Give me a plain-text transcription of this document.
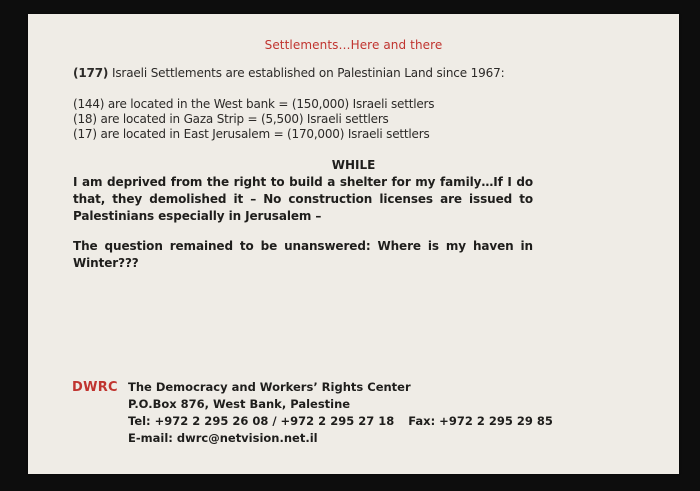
Settlements…Here and there
(177) Israeli Settlements are established on Palestinian Land since 1967:
(144) are located in the West bank = (150,000) Israeli settlers
(18) are located in Gaza Strip = (5,500) Israeli settlers
(17) are located in East Jerusalem = (170,000) Israeli settlers
WHILE
I am deprived from the right to build a shelter for my family…If I do that, they demolished it – No construction licenses are issued to Palestinians especially in Jerusalem –
The question remained to be unanswered: Where is my haven in Winter???
DWRC The Democracy and Workers’ Rights Center
P.O.Box 876, West Bank, Palestine
Tel: +972 2 295 26 08 / +972 2 295 27 18 Fax: +972 2 295 29 85
E-mail: dwrc@netvision.net.il
